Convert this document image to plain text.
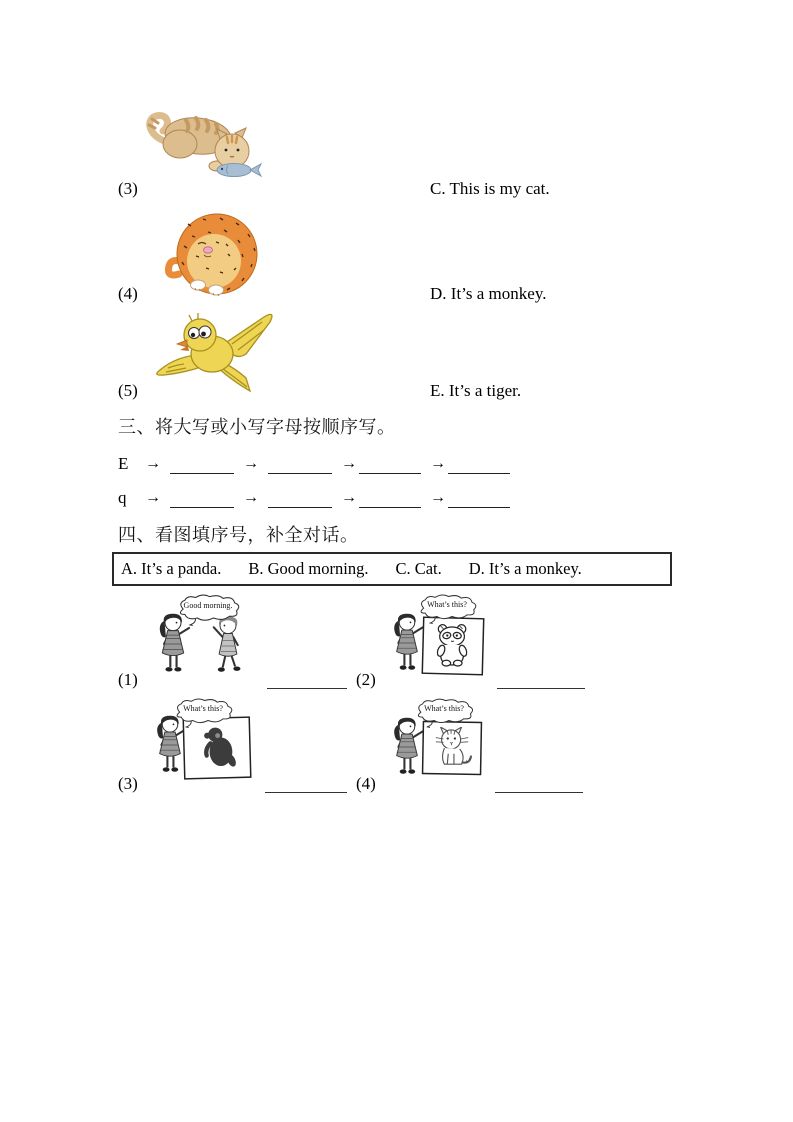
(3)	C. This is my cat.
(4)	D. It’s a monkey.
(5)	E. It’s a tiger.
三、将大写或小写字母按顺序写。
E	→	→	→	→
q	→	→	→	→
四、看图填序号，补全对话。
A. It’s a panda. B. Good morning. C. Cat. D. It’s a monkey.
Good morning.
(1)
What’s this?
(2)
What’s this?
(3)
What’s this?
(4)
